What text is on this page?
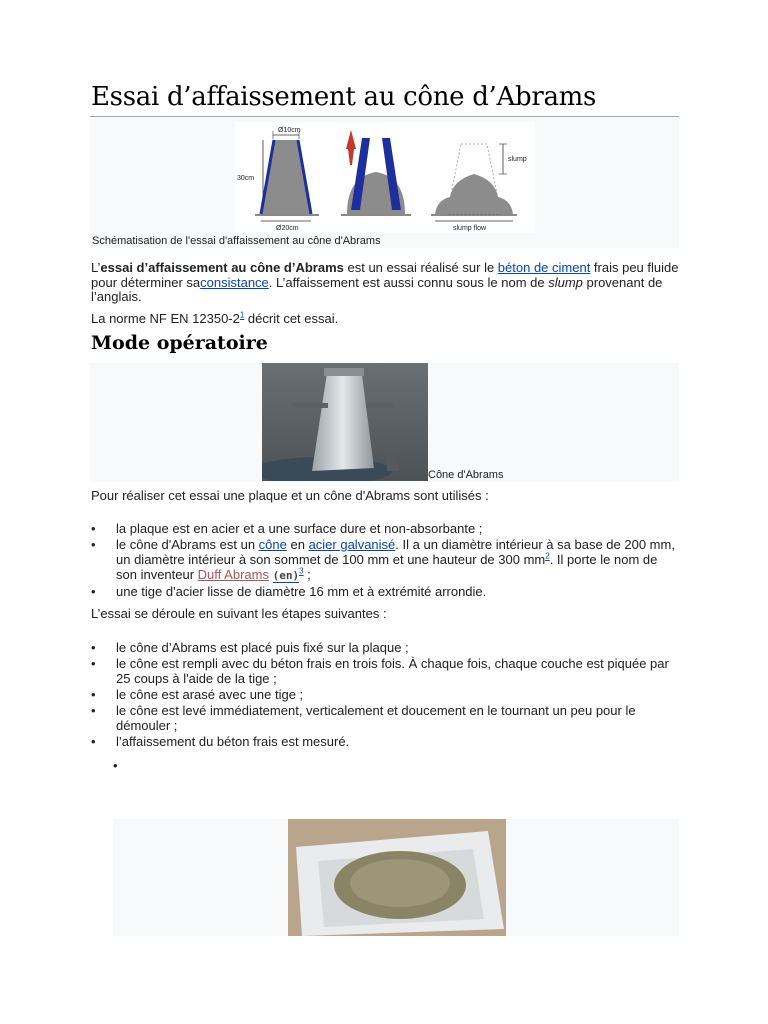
Essai d’affaissement au cône d’Abrams
Ø10cm
30cm
Ø20cm
slump
slump flow
Schématisation de l'essai d'affaissement au cône d'Abrams

L’essai d’affaissement au cône d’Abrams est un essai réalisé sur le béton de ciment frais peu fluide pour déterminer saconsistance. L’affaissement est aussi connu sous le nom de slump provenant de l’anglais.

La norme NF EN $12350-2^1$ décrit cet essai.

Mode opératoire
Cône d'Abrams

Pour réaliser cet essai une plaque et un cône d'Abrams sont utilisés :

• la plaque est en acier et a une surface dure et non-absorbante ;
• le cône d'Abrams est un cône en acier galvanisé. Il a un diamètre intérieur à sa base de 200 mm, un diamètre intérieur à son sommet de 100 mm et une hauteur de 300 $mm^2$. Il porte le nom de son inventeur Duff Abrams (en)$^3$ ;
• une tige d'acier lisse de diamètre 16 mm et à extrémité arrondie.

L’essai se déroule en suivant les étapes suivantes :

• le cône d’Abrams est placé puis fixé sur la plaque ;
• le cône est rempli avec du béton frais en trois fois. À chaque fois, chaque couche est piquée par 25 coups à l'aide de la tige ;
• le cône est arasé avec une tige ;
• le cône est levé immédiatement, verticalement et doucement en le tournant un peu pour le démouler ;
• l’affaissement du béton frais est mesuré.
•
